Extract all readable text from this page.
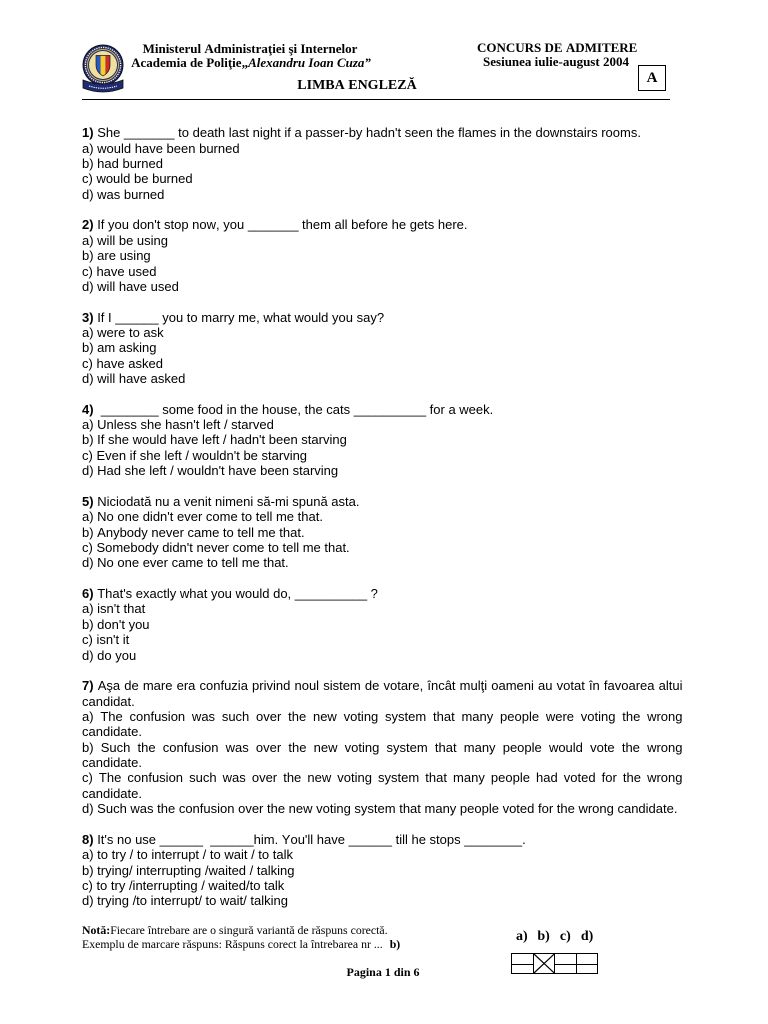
Ministerul Administraţiei şi Internelor
Academia de Poliţie„Alexandru Ioan Cuza”
CONCURS DE ADMITERE
Sesiunea iulie-august 2004
A
LIMBA ENGLEZĂ

1) She _______ to death last night if a passer-by hadn't seen the flames in the downstairs rooms.

a) would have been burned

b) had burned

c) would be burned

d) was burned

2) If you don't stop now, you _______ them all before he gets here.

a) will be using

b) are using

c) have used

d) will have used

3) If I ______ you to marry me, what would you say?

a) were to ask

b) am asking

c) have asked

d) will have asked

4)  ________ some food in the house, the cats __________ for a week.

a) Unless she hasn't left / starved

b) If she would have left / hadn't been starving

c) Even if she left / wouldn't be starving

d) Had she left / wouldn't have been starving

5) Niciodată nu a venit nimeni să-mi spună asta.

a) No one didn't ever come to tell me that.

b) Anybody never came to tell me that.

c) Somebody didn't never come to tell me that.

d) No one ever came to tell me that.

6) That's exactly what you would do, __________ ?

a) isn't that

b) don't you

c) isn't it

d) do you

7) Aşa de mare era confuzia privind noul sistem de votare, încât mulţi oameni au votat în favoarea altui candidat.

a) The confusion was such over the new voting system that many people were voting the wrong candidate.

b) Such the confusion was over the new voting system that many people would vote the wrong candidate.

c) The confusion such was over the new voting system that many people had voted for the wrong candidate.

d) Such was the confusion over the new voting system that many people voted for the wrong candidate.

8) It's no use ______  ______him. You'll have ______ till he stops ________.

a) to try / to interrupt / to wait / to talk

b) trying/ interrupting /waited / talking

c) to try /interrupting / waited/to talk

d) trying /to interrupt/ to wait/ talking

Notă:Fiecare întrebare are o singură variantă de răspuns corectă.
Exemplu de marcare răspuns: Răspuns corect la întrebarea nr ... b)	a) b) c) d)
Pagina 1 din 6
